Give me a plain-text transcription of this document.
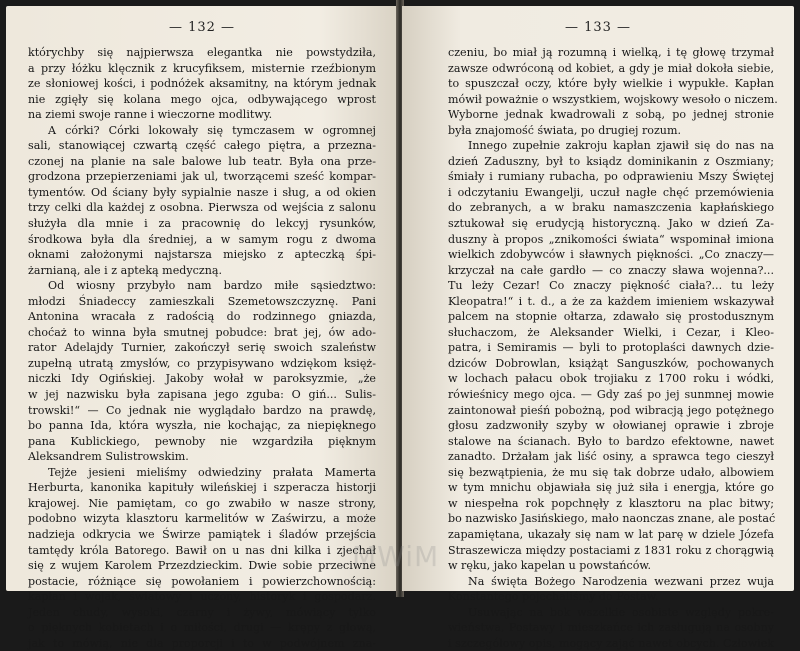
— 132 —
którychby się najpierwsza elegantka nie powstydziła,
a przy łóżku klęcznik z krucyfiksem, misternie rzeźbionym
ze słoniowej kości, i podnóżek aksamitny, na którym jednak
nie zgięły się kolana mego ojca, odbywającego wprost
na ziemi swoje ranne i wieczorne modlitwy.
A córki? Córki lokowały się tymczasem w ogromnej
sali, stanowiącej czwartą część całego piętra, a przezna-
czonej na planie na sale balowe lub teatr. Była ona prze-
grodzona przepierzeniami jak ul, tworzącemi sześć kompar-
tymentów. Od ściany były sypialnie nasze i sług, a od okien
trzy celki dla każdej z osobna. Pierwsza od wejścia z salonu
służyła dla mnie i za pracownię do lekcyj rysunków,
środkowa była dla średniej, a w samym rogu z dwoma
oknami założonymi najstarsza miejsko z apteczką śpi-
żarnianą, ale i z apteką medyczną.
Od wiosny przybyło nam bardzo miłe sąsiedztwo:
młodzi Śniadeccy zamieszkali Szemetowszczyznę. Pani
Antonina wracała z radością do rodzinnego gniazda,
choćaż to winna była smutnej pobudce: brat jej, ów ado-
rator Adelajdy Turnier, zakończył serię swoich szaleństw
zupełną utratą zmysłów, co przypisywano wdziękom księż-
niczki Idy Ogińskiej. Jakoby wołał w paroksyzmie, „że
w jej nazwisku była zapisana jego zguba: O giń... Sulis-
trowski!“ — Co jednak nie wyglądało bardzo na prawdę,
bo panna Ida, która wyszła, nie kochając, za niepięknego
pana Kublickiego, pewnoby nie wzgardziła pięknym
Aleksandrem Sulistrowskim.
Tejże jesieni mieliśmy odwiedziny prałata Mamerta
Herburta, kanonika kapituły wileńskiej i szperacza historji
krajowej. Nie pamiętam, co go zwabiło w nasze strony,
podobno wizyta klasztoru karmelitów w Zaświrzu, a może
nadzieja odkrycia we Świrze pamiątek i śladów przejścia
tamtędy króla Batorego. Bawił on u nas dni kilka i zjechał
się z wujem Karolem Przezdzieckim. Dwie sobie przeciwne
postacie, różniące się powołaniem i powierzchownością:
kapłan i wojak, światowy i uczony, historyk i gospodarz.
Jeden chudy, wysoki, czarny i żywy, mówiący tylko
o pięknych kobietach i o miłości, drugi — krępy z głową,
jak to mówią, nie dla proporcji i to w podwójnem zna-
— 133 —
czeniu, bo miał ją rozumną i wielką, i tę głowę trzymał
zawsze odwróconą od kobiet, a gdy je miał dokoła siebie,
to spuszczał oczy, które były wielkie i wypukłe. Kapłan
mówił poważnie o wszystkiem, wojskowy wesoło o niczem.
Wyborne jednak kwadrowali z sobą, po jednej stronie
była znajomość świata, po drugiej rozum.
Innego zupełnie zakroju kapłan zjawił się do nas na
dzień Zaduszny, był to ksiądz dominikanin z Oszmiany;
śmiały i rumiany rubacha, po odprawieniu Mszy Świętej
i odczytaniu Ewangelji, uczuł nagłe chęć przemówienia
do zebranych, a w braku namaszczenia kapłańskiego
sztukował się erudycją historyczną. Jako w dzień Za-
duszny à propos „znikomości świata“ wspominał imiona
wielkich zdobywców i sławnych piękności. „Co znaczy—
krzyczał na całe gardło — co znaczy sława wojenna?...
Tu leży Cezar! Co znaczy piękność ciała?... tu leży
Kleopatra!“ i t. d., a że za każdem imieniem wskazywał
palcem na stopnie ołtarza, zdawało się prostodusznym
słuchaczom, że Aleksander Wielki, i Cezar, i Kleo-
patra, i Semiramis — byli to protoplaści dawnych dzie-
dziców Dobrowlan, książąt Sanguszków, pochowanych
w lochach pałacu obok trojiaku z 1700 roku i wódki,
rówieśnicy mego ojca. — Gdy zaś po jej sunmnej mowie
zaintonował pieśń pobożną, pod wibracją jego potężnego
głosu zadzwoniły szyby w ołowianej oprawie i zbroje
stalowe na ścianach. Było to bardzo efektowne, nawet
zanadto. Drżałam jak liść osiny, a sprawca tego cieszył
się bezwątpienia, że mu się tak dobrze udało, albowiem
w tym mnichu objawiała się już siła i energja, które go
w niespełna rok popchnęły z klasztoru na plac bitwy;
bo nazwisko Jasińskiego, mało naonczas znane, ale postać
zapamiętana, ukazały się nam w lat parę w dziele Józefa
Straszewicza między postaciami z 1831 roku z chorągwią
w ręku, jako kapelan u powstańców.
Na święta Bożego Narodzenia wezwani przez wuja
Konstantego pojechaliśmy do Postaw.
Usuwając na bok wszelkie osobiste względy pokre-
wieństwa, Postawy i mieszkańce ich zasługują na osobny
i szczegółowy opis, mogący zająć nawet obcych. Człowiek
MWiM
